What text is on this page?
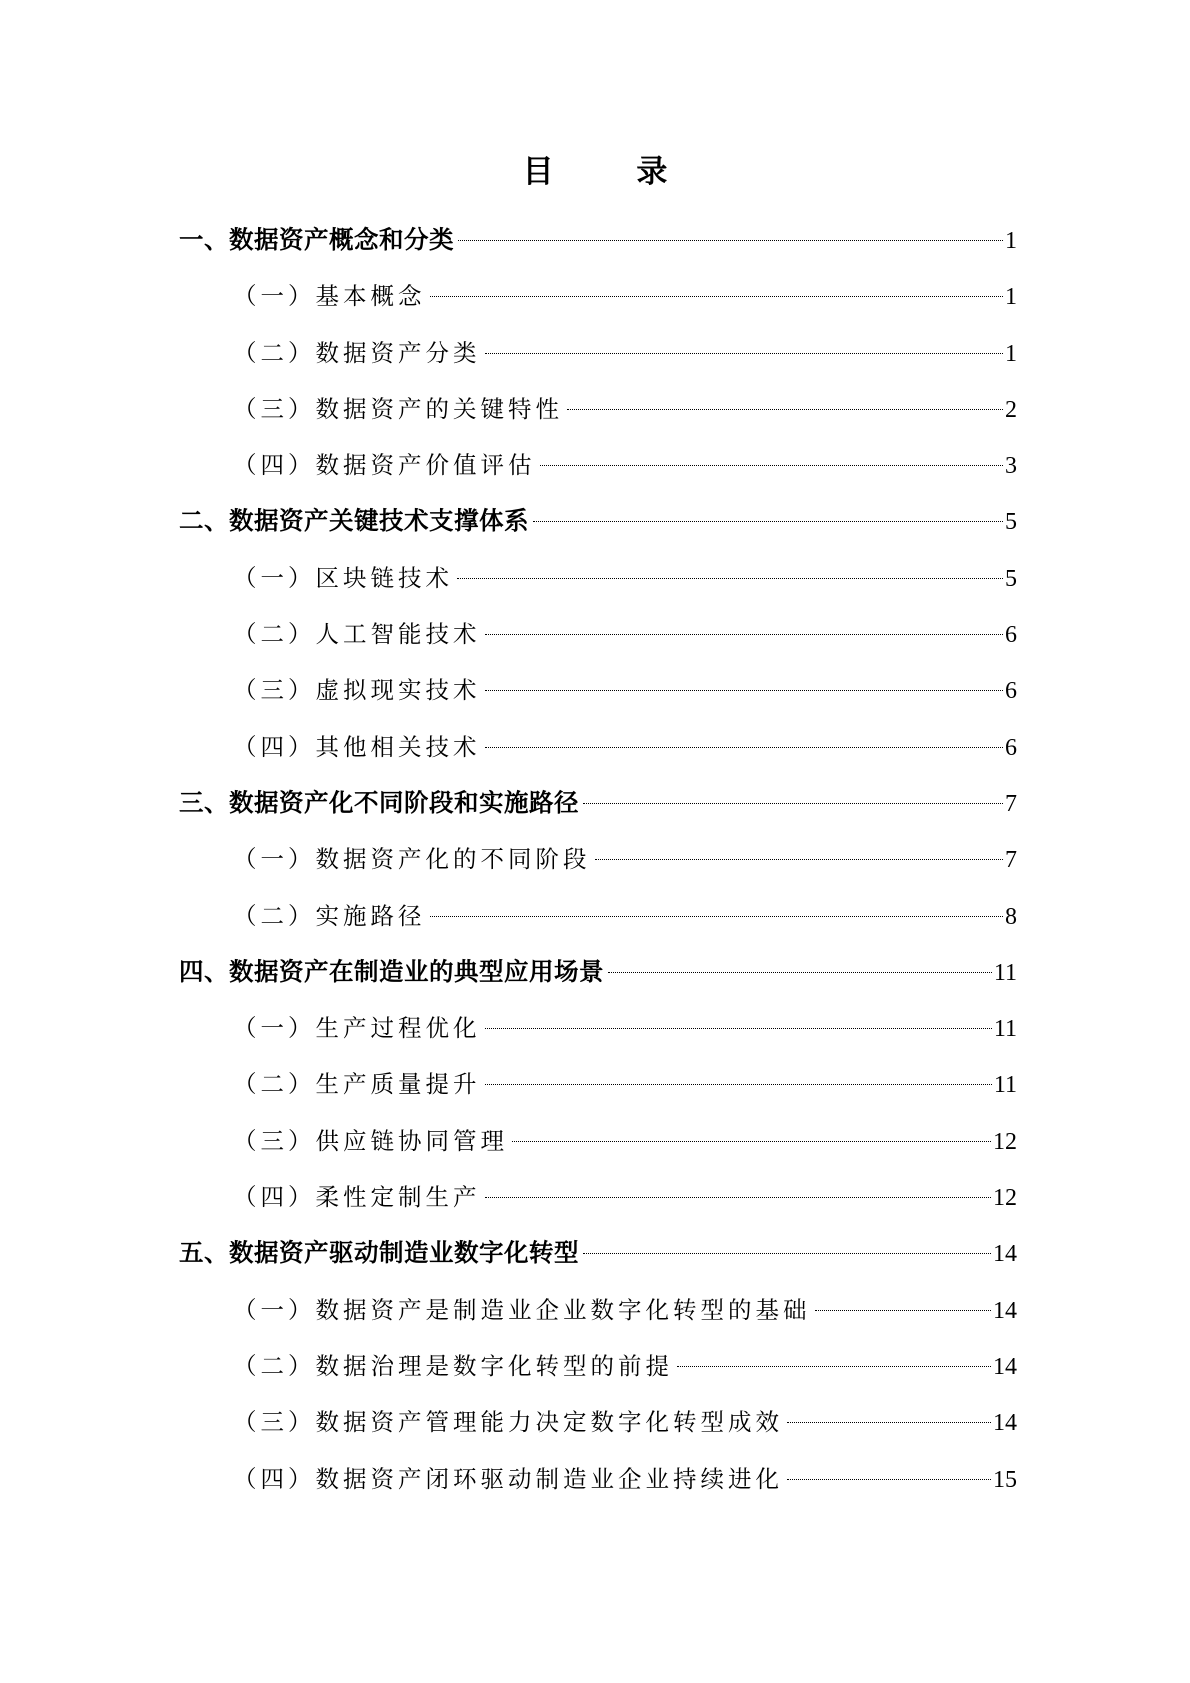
目 录
一、数据资产概念和分类	1
（一）基本概念	1
（二）数据资产分类	1
（三）数据资产的关键特性	2
（四）数据资产价值评估	3
二、数据资产关键技术支撑体系	5
（一）区块链技术	5
（二）人工智能技术	6
（三）虚拟现实技术	6
（四）其他相关技术	6
三、数据资产化不同阶段和实施路径	7
（一）数据资产化的不同阶段	7
（二）实施路径	8
四、数据资产在制造业的典型应用场景	11
（一）生产过程优化	11
（二）生产质量提升	11
（三）供应链协同管理	12
（四）柔性定制生产	12
五、数据资产驱动制造业数字化转型	14
（一）数据资产是制造业企业数字化转型的基础	14
（二）数据治理是数字化转型的前提	14
（三）数据资产管理能力决定数字化转型成效	14
（四）数据资产闭环驱动制造业企业持续进化	15
